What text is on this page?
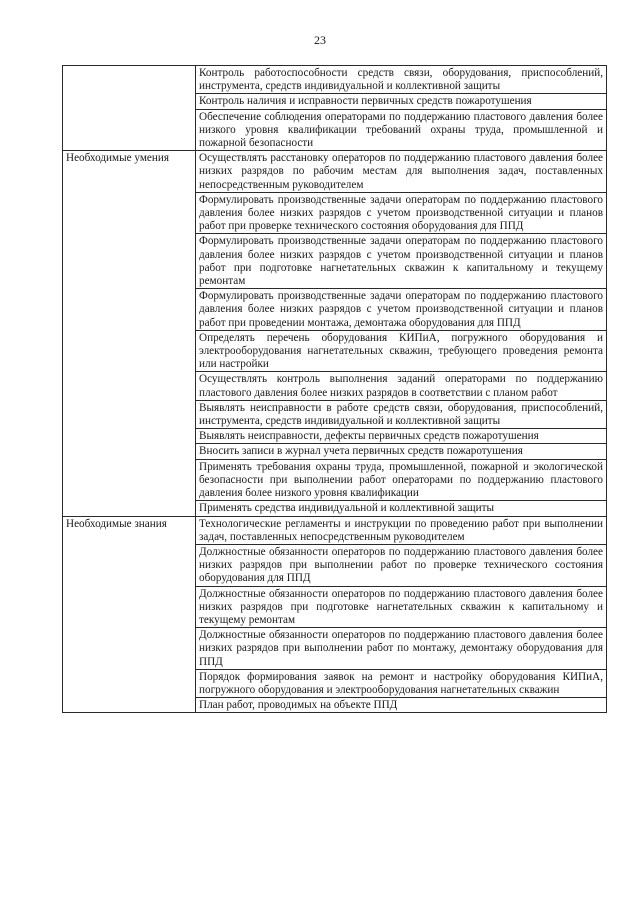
23
	Контроль работоспособности средств связи, оборудования, приспособлений, инструмента, средств индивидуальной и коллективной защиты
	Контроль наличия и исправности первичных средств пожаротушения
	Обеспечение соблюдения операторами по поддержанию пластового давления более низкого уровня квалификации требований охраны труда, промышленной и пожарной безопасности
Необходимые умения	Осуществлять расстановку операторов по поддержанию пластового давления более низких разрядов по рабочим местам для выполнения задач, поставленных непосредственным руководителем
	Формулировать производственные задачи операторам по поддержанию пластового давления более низких разрядов с учетом производственной ситуации и планов работ при проверке технического состояния оборудования для ППД
	Формулировать производственные задачи операторам по поддержанию пластового давления более низких разрядов с учетом производственной ситуации и планов работ при подготовке нагнетательных скважин к капитальному и текущему ремонтам
	Формулировать производственные задачи операторам по поддержанию пластового давления более низких разрядов с учетом производственной ситуации и планов работ при проведении монтажа, демонтажа оборудования для ППД
	Определять перечень оборудования КИПиА, погружного оборудования и электрооборудования нагнетательных скважин, требующего проведения ремонта или настройки
	Осуществлять контроль выполнения заданий операторами по поддержанию пластового давления более низких разрядов в соответствии с планом работ
	Выявлять неисправности в работе средств связи, оборудования, приспособлений, инструмента, средств индивидуальной и коллективной защиты
	Выявлять неисправности, дефекты первичных средств пожаротушения
	Вносить записи в журнал учета первичных средств пожаротушения
	Применять требования охраны труда, промышленной, пожарной и экологической безопасности при выполнении работ операторами по поддержанию пластового давления более низкого уровня квалификации
	Применять средства индивидуальной и коллективной защиты
Необходимые знания	Технологические регламенты и инструкции по проведению работ при выполнении задач, поставленных непосредственным руководителем
	Должностные обязанности операторов по поддержанию пластового давления более низких разрядов при выполнении работ по проверке технического состояния оборудования для ППД
	Должностные обязанности операторов по поддержанию пластового давления более низких разрядов при подготовке нагнетательных скважин к капитальному и текущему ремонтам
	Должностные обязанности операторов по поддержанию пластового давления более низких разрядов при выполнении работ по монтажу, демонтажу оборудования для ППД
	Порядок формирования заявок на ремонт и настройку оборудования КИПиА, погружного оборудования и электрооборудования нагнетательных скважин
	План работ, проводимых на объекте ППД
